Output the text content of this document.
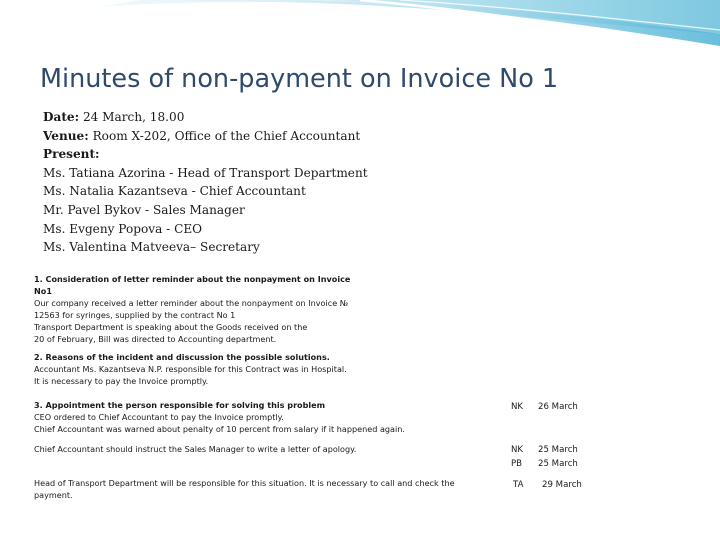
Minutes of non-payment on Invoice No 1
Date: 24 March, 18.00
Venue: Room X-202, Office of the Chief Accountant
Present:
Ms. Tatiana Azorina - Head of Transport Department
Ms. Natalia Kazantseva - Chief Accountant
Mr. Pavel Bykov - Sales Manager
Ms. Evgeny Popova - CEO
Ms. Valentina Matveeva– Secretary
1. Consideration of letter reminder about the nonpayment on Invoice
No1
Our company received a letter reminder about the nonpayment on Invoice №
12563 for syringes, supplied by the contract No 1
Transport Department is speaking about the Goods received on the
20 of February, Bill was directed to Accounting department.
2. Reasons of the incident and discussion the possible solutions.
Accountant Ms. Kazantseva N.P. responsible for this Contract was in Hospital.
It is necessary to pay the Invoice promptly.
3. Appointment the person responsible for solving this problem
CEO ordered to Chief Accountant to pay the Invoice promptly.
Chief Accountant was warned about penalty of 10 percent from salary if it happened again.
NK 26 March
Chief Accountant should instruct the Sales Manager to write a letter of apology.	NK
PB
25 March
25 March
Head of Transport Department will be responsible for this situation. It is necessary to call and check the payment.
TA 29 March
